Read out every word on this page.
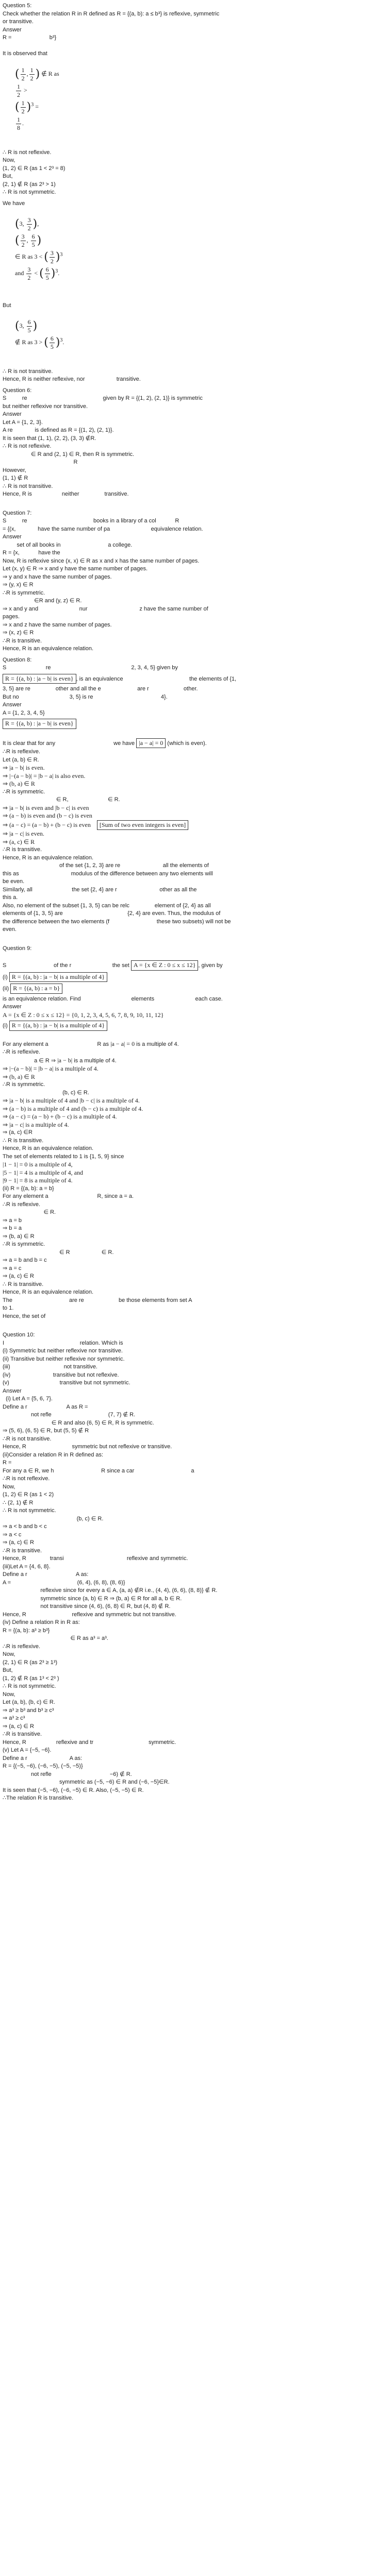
Question 5:
Check whether the relation R in R defined as R = {(a, b): a ≤ b³} is reflexive, symmetric
or transitive.
Answer
R =                        b³}
It is observed that

( $\frac{1}{2}$ , $\frac{1}{2}$ ) ∉ R as

$\frac{1}{2}$ >
( $\frac{1}{2} )^3$ =

$\frac{1}{8}$ .

∴ R is not reflexive.
Now,
(1, 2) ∈ R (as 1 < 2³ = 8)
But,
(2, 1) ∉ R (as 2³ > 1)
∴ R is not symmetric.
We have

(3, $\frac{3}{2}$ ),
( $\frac{3}{2}$ , $\frac{6}{5}$ )
∈ R as 3 < ( $\frac{3}{2} )^3$
and $\frac{3}{2}$ < ( $\frac{6}{5} )^3$.

But

(3, $\frac{6}{5}$ )
∉ R as 3 > ( $\frac{6}{5} )^3$.

∴ R is not transitive.
Hence, R is neither reflexive, nor                    transitive.
Question 6:
S          re                                                given by R = {(1, 2), (2, 1)} is symmetric
but neither reflexive nor transitive.
Answer
Let A = {1, 2, 3}.
A re              is defined as R = {(1, 2), (2, 1)}.
It is seen that (1, 1), (2, 2), (3, 3) ∉R.
∴ R is not reflexive.
∈ R and (2, 1) ∈ R, then R is symmetric.
R
However,
(1, 1) ∉ R
∴ R is not transitive.
Hence, R is                   neither                transitive.
Question 7:
S          re                                          books in a library of a col            R
= {(x,              have the same number of pa                          equivalence relation.
Answer
set of all books in                              a college.
R = {x,            have the
Now, R is reflexive since (x, x) ∈ R as x and x has the same number of pages.
Let (x, y) ∈ R ⇒ x and y have the same number of pages.
⇒ y and x have the same number of pages.
⇒ (y, x) ∈ R
∴R is symmetric.
∈R and (y, z) ∈ R.
⇒ x and y and                          nur                                 z have the same number of
pages.
⇒ x and z have the same number of pages.
⇒ (x, z) ∈ R
∴R is transitive.
Hence, R is an equivalence relation.
Question 8:
S                         re                                                   2, 3, 4, 5} given by
R = {(a, b) : |a − b| is even} , is an equivalence                                          the elements of {1,
3, 5} are re                other and all the e                       are r                      other.
But no                                3, 5} is re                                           4}.
Answer
A = {1, 2, 3, 4, 5}
R = {(a, b) : |a − b| is even}
It is clear that for any                                     we have |a − a| = 0 (which is even).
∴R is reflexive.
Let (a, b) ∈ R.
⇒ |a − b| is even.
⇒ |−(a − b)| = |b − a| is also even.
⇒ (b, a) ∈ R
∴R is symmetric.
∈ R,                         ∈ R.
⇒ |a − b| is even and |b − c| is even
⇒ (a − b) is even and (b − c) is even
⇒ (a − c) = (a − b) + (b − c) is even [Sum of two even integers is even]
⇒ |a − c| is even.
⇒ (a, c) ∈ R
∴R is transitive.
Hence, R is an equivalence relation.
of the set {1, 2, 3} are re                           all the elements of
this as                                 modulus of the difference between any two elements will
be even.
Similarly, all                         the set {2, 4} are r                           other as all the
this a.
Also, no element of the subset {1, 3, 5} can be relc                element of {2, 4} as all
elements of {1, 3, 5} are                                         {2, 4} are even. Thus, the modulus of
the difference between the two elements (f                              these two subsets) will not be
even.
Question 9:
S                              of the r                          the set A = {x ∈ Z : 0 ≤ x ≤ 12} , given by
(i) R = {(a, b) : |a − b| is a multiple of 4}
(ii) R = {(a, b) : a = b}
is an equivalence relation. Find                                elements                          each case.
Answer
A = {x ∈ Z : 0 ≤ x ≤ 12} = {0, 1, 2, 3, 4, 5, 6, 7, 8, 9, 10, 11, 12}
(i) R = {(a, b) : |a − b| is a multiple of 4}
For any element a                               R as |a − a| = 0 is a multiple of 4.
∴R is reflexive.
a ∈ R ⇒ |a − b| is a multiple of 4.
⇒ |−(a − b)| = |b − a| is a multiple of 4.
⇒ (b, a) ∈ R
∴R is symmetric.
(b, c) ∈ R.
⇒ |a − b| is a multiple of 4 and |b − c| is a multiple of 4.
⇒ (a − b) is a multiple of 4 and (b − c) is a multiple of 4.
⇒ (a − c) = (a − b) + (b − c) is a multiple of 4.
⇒ |a − c| is a multiple of 4.
⇒ (a, c) ∈R
∴ R is transitive.
Hence, R is an equivalence relation.
The set of elements related to 1 is {1, 5, 9} since
|1 − 1| = 0 is a multiple of 4,
|5 − 1| = 4 is a multiple of 4, and
|9 − 1| = 8 is a multiple of 4.
(ii) R = {(a, b): a = b}
For any element a                               R, since a = a.
∴R is reflexive.
∈ R.
⇒ a = b
⇒ b = a
⇒ (b, a) ∈ R
∴R is symmetric.
∈ R                    ∈ R.
⇒ a = b and b = c
⇒ a = c
⇒ (a, c) ∈ R
∴ R is transitive.
Hence, R is an equivalence relation.
The                                    are re                      be those elements from set A
to 1.
Hence, the set of
Question 10:
I                                                relation. Which is
(i) Symmetric but neither reflexive nor transitive.
(ii) Transitive but neither reflexive nor symmetric.
(iii)                                  not transitive.
(iv)                           transitive but not reflexive.
(v)                                transitive but not symmetric.
Answer
(i) Let A = {5, 6, 7}.
Define a r                         A as R =
not refle                                    (7, 7) ∉ R.
∈ R and also (6, 5) ∈ R, R is symmetric.
⇒ (5, 6), (6, 5) ∈ R, but (5, 5) ∉ R
∴R is not transitive.
Hence, R                             symmetric but not reflexive or transitive.
(ii)Consider a relation R in R defined as:
R =
For any a ∈ R, we h                              R since a car                                    a
∴R is not reflexive.
Now,
(1, 2) ∈ R (as 1 < 2)
∴ (2, 1) ∉ R
∴ R is not symmetric.
(b, c) ∈ R.
⇒ a < b and b < c
⇒ a < c
⇒ (a, c) ∈ R
∴R is transitive.
Hence, R               transi                                        reflexive and symmetric.
(iii)Let A = {4, 6, 8}.
Define a r                               A as:
A =                                          (6, 4), (6, 8), (8, 6)}
reflexive since for every a ∈ A, (a, a) ∉R i.e., (4, 4), (6, 6), (8, 8)} ∉ R.
symmetric since (a, b) ∈ R ⇒ (b, a) ∈ R for all a, b ∈ R.
not transitive since (4, 6), (6, 8) ∈ R, but (4, 8) ∉ R.
Hence, R                             reflexive and symmetric but not transitive.
(iv) Define a relation R in R as:
R = {(a, b): a³ ≥ b³}
∈ R as a³ = a³.
∴R is reflexive.
Now,
(2, 1) ∈ R (as 2³ ≥ 1³)
But,
(1, 2) ∉ R (as 1³ < 2³ )
∴ R is not symmetric.
Now,
Let (a, b), (b, c) ∈ R.
⇒ a³ ≥ b³ and b³ ≥ c³
⇒ a³ ≥ c³
⇒ (a, c) ∈ R
∴R is transitive.
Hence, R                   reflexive and tr                                   symmetric.
(v) Let A = {−5, −6}.
Define a r                           A as:
R = {(−5, −6), (−6, −5), (−5, −5)}
not refle                                     −6) ∉ R.
symmetric as (−5, −6) ∈ R and (−6, −5}∈R.
It is seen that (−5, −6), (−6, −5) ∈ R. Also, (−5, −5) ∈ R.
∴The relation R is transitive.
